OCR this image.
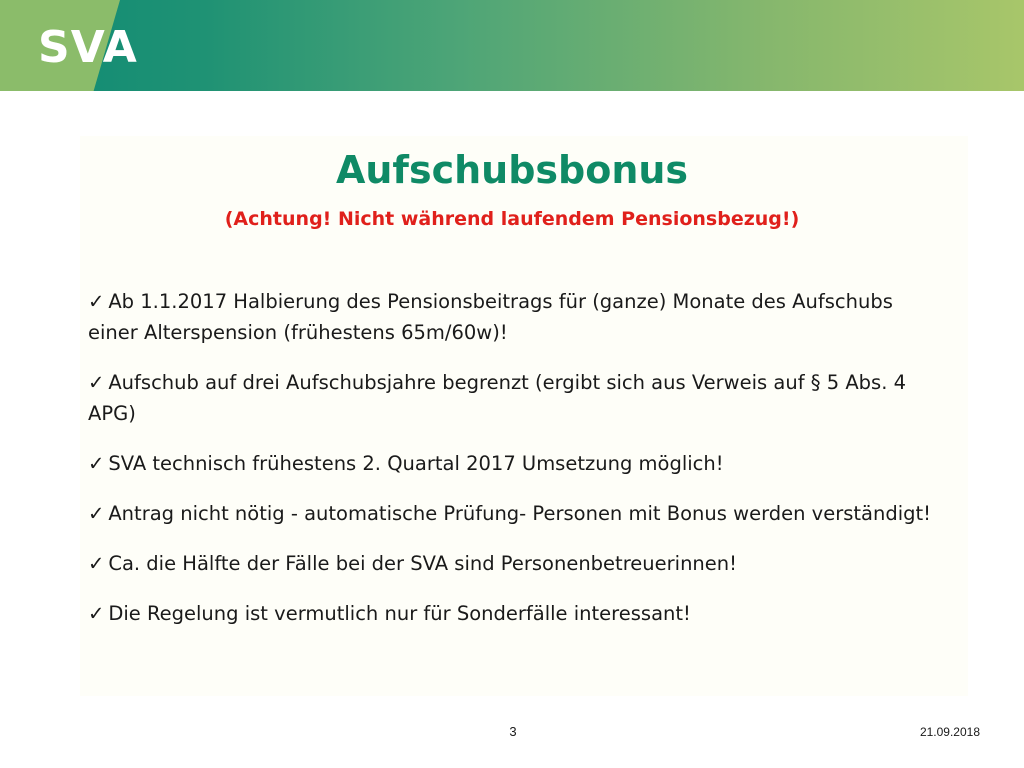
SVA
Aufschubsbonus

(Achtung! Nicht während laufendem Pensionsbezug!)

✓ Ab 1.1.2017 Halbierung des Pensionsbeitrags für (ganze) Monate des Aufschubs einer Alterspension (frühestens 65m/60w)!
✓ Aufschub auf drei Aufschubsjahre begrenzt (ergibt sich aus Verweis auf § 5 Abs. 4 APG)
✓ SVA technisch frühestens 2. Quartal 2017 Umsetzung möglich!
✓ Antrag nicht nötig - automatische Prüfung- Personen mit Bonus werden verständigt!
✓ Ca. die Hälfte der Fälle bei der SVA sind Personenbetreuerinnen!
✓ Die Regelung ist vermutlich nur für Sonderfälle interessant!
3	21.09.2018
